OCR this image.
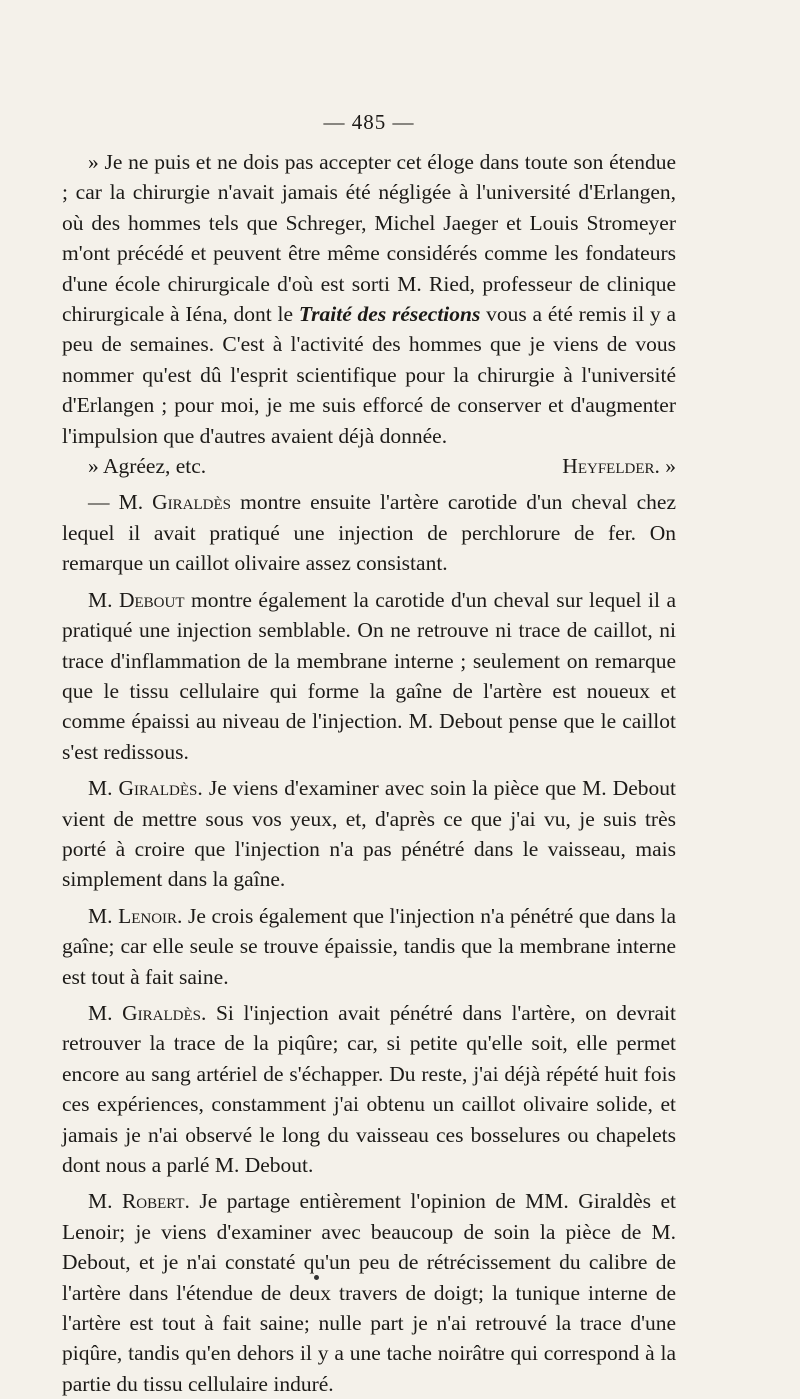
— 485 —

» Je ne puis et ne dois pas accepter cet éloge dans toute son étendue ; car la chirurgie n'avait jamais été négligée à l'université d'Erlangen, où des hommes tels que Schreger, Michel Jaeger et Louis Stromeyer m'ont précédé et peuvent être même considérés comme les fondateurs d'une école chirurgicale d'où est sorti M. Ried, professeur de clinique chirurgicale à Iéna, dont le Traité des résections vous a été remis il y a peu de semaines. C'est à l'activité des hommes que je viens de vous nommer qu'est dû l'esprit scientifique pour la chirurgie à l'université d'Erlangen ; pour moi, je me suis efforcé de conserver et d'augmenter l'impulsion que d'autres avaient déjà donnée.

» Agréez, etc.	Heyfelder. »

— M. Giraldès montre ensuite l'artère carotide d'un cheval chez lequel il avait pratiqué une injection de perchlorure de fer. On remarque un caillot olivaire assez consistant.

M. Debout montre également la carotide d'un cheval sur lequel il a pratiqué une injection semblable. On ne retrouve ni trace de caillot, ni trace d'inflammation de la membrane interne ; seulement on remarque que le tissu cellulaire qui forme la gaîne de l'artère est noueux et comme épaissi au niveau de l'injection. M. Debout pense que le caillot s'est redissous.

M. Giraldès. Je viens d'examiner avec soin la pièce que M. Debout vient de mettre sous vos yeux, et, d'après ce que j'ai vu, je suis très porté à croire que l'injection n'a pas pénétré dans le vaisseau, mais simplement dans la gaîne.

M. Lenoir. Je crois également que l'injection n'a pénétré que dans la gaîne; car elle seule se trouve épaissie, tandis que la membrane interne est tout à fait saine.

M. Giraldès. Si l'injection avait pénétré dans l'artère, on devrait retrouver la trace de la piqûre; car, si petite qu'elle soit, elle permet encore au sang artériel de s'échapper. Du reste, j'ai déjà répété huit fois ces expériences, constamment j'ai obtenu un caillot olivaire solide, et jamais je n'ai observé le long du vaisseau ces bosselures ou chapelets dont nous a parlé M. Debout.

M. Robert. Je partage entièrement l'opinion de MM. Giraldès et Lenoir; je viens d'examiner avec beaucoup de soin la pièce de M. Debout, et je n'ai constaté qu'un peu de rétrécissement du calibre de l'artère dans l'étendue de deux travers de doigt; la tunique interne de l'artère est tout à fait saine; nulle part je n'ai retrouvé la trace d'une piqûre, tandis qu'en dehors il y a une tache noirâtre qui correspond à la partie du tissu cellulaire induré.
